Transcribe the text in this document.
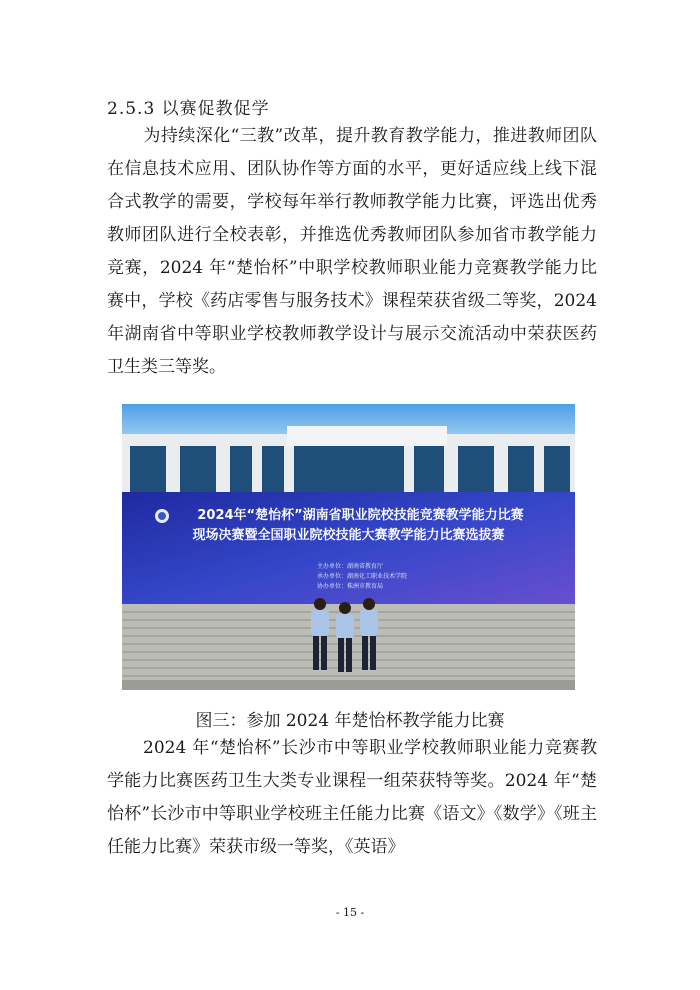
2.5.3 以赛促教促学

为持续深化“三教”改革，提升教育教学能力，推进教师团队在信息技术应用、团队协作等方面的水平，更好适应线上线下混合式教学的需要，学校每年举行教师教学能力比赛，评选出优秀教师团队进行全校表彰，并推选优秀教师团队参加省市教学能力竞赛，2024 年“楚怡杯”中职学校教师职业能力竞赛教学能力比赛中，学校《药店零售与服务技术》课程荣获省级二等奖，2024 年湖南省中等职业学校教师教学设计与展示交流活动中荣获医药卫生类三等奖。

2024年“楚怡杯”湖南省职业院校技能竞赛教学能力比赛
现场决赛暨全国职业院校技能大赛教学能力比赛选拔赛
主办单位：湖南省教育厅
承办单位：湖南化工职业技术学院
协办单位：株洲市教育局
图三：参加 2024 年楚怡杯教学能力比赛

2024 年“楚怡杯”长沙市中等职业学校教师职业能力竞赛教学能力比赛医药卫生大类专业课程一组荣获特等奖。2024 年“楚怡杯”长沙市中等职业学校班主任能力比赛《语文》《数学》《班主任能力比赛》荣获市级一等奖，《英语》

- 15 -
